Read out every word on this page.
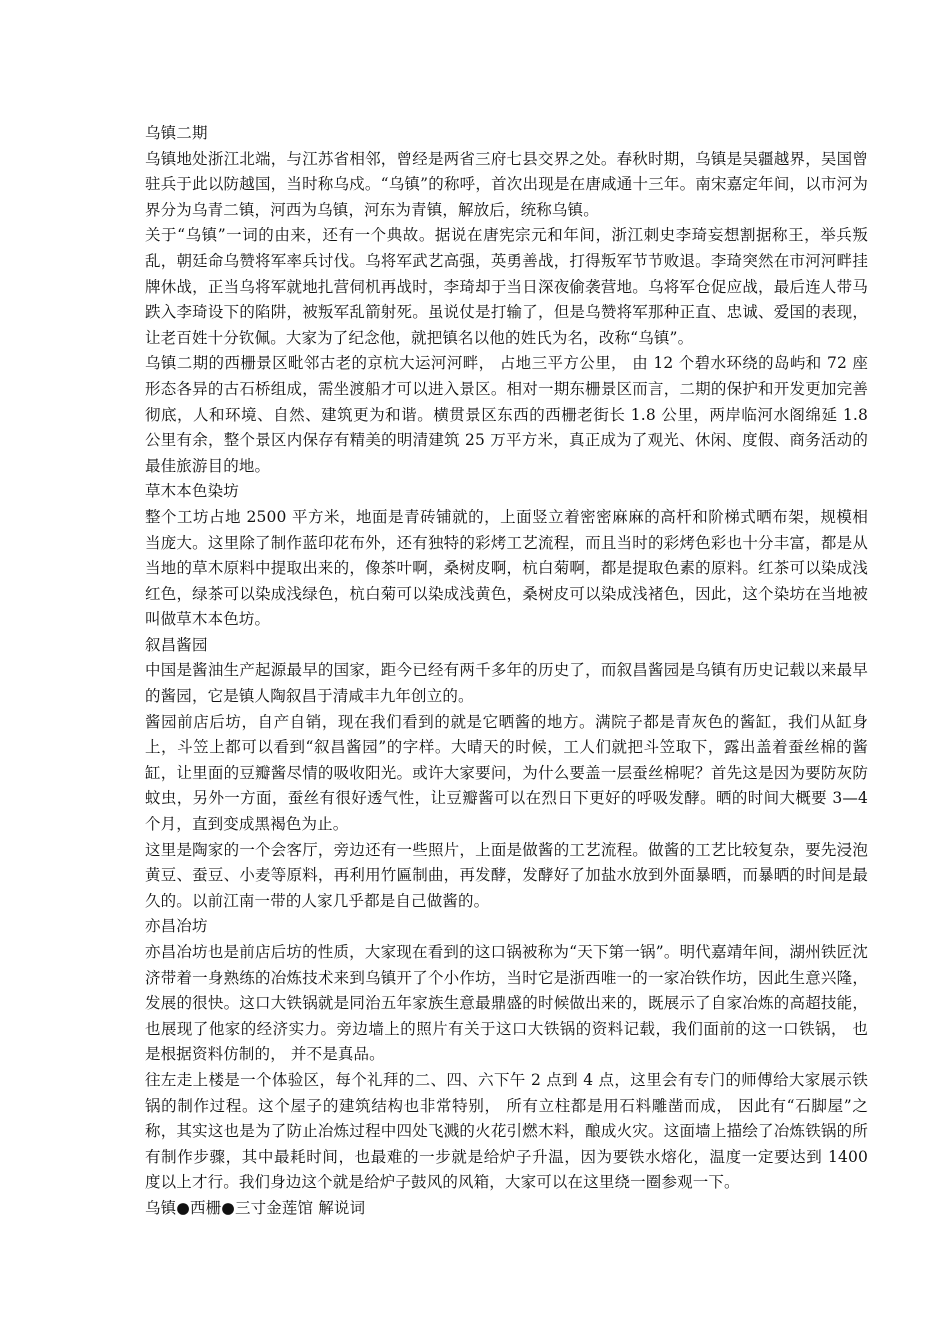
乌镇二期

乌镇地处浙江北端，与江苏省相邻，曾经是两省三府七县交界之处。春秋时期，乌镇是吴疆越界，吴国曾驻兵于此以防越国，当时称乌戍。“乌镇”的称呼，首次出现是在唐咸通十三年。南宋嘉定年间，以市河为界分为乌青二镇，河西为乌镇，河东为青镇，解放后，统称乌镇。

关于“乌镇”一词的由来，还有一个典故。据说在唐宪宗元和年间，浙江刺史李琦妄想割据称王，举兵叛乱，朝廷命乌赞将军率兵讨伐。乌将军武艺高强，英勇善战，打得叛军节节败退。李琦突然在市河河畔挂牌休战，正当乌将军就地扎营伺机再战时，李琦却于当日深夜偷袭营地。乌将军仓促应战，最后连人带马跌入李琦设下的陷阱，被叛军乱箭射死。虽说仗是打输了，但是乌赞将军那种正直、忠诚、爱国的表现，让老百姓十分钦佩。大家为了纪念他，就把镇名以他的姓氏为名，改称“乌镇”。

乌镇二期的西栅景区毗邻古老的京杭大运河河畔， 占地三平方公里， 由 12 个碧水环绕的岛屿和 72 座形态各异的古石桥组成，需坐渡船才可以进入景区。相对一期东栅景区而言，二期的保护和开发更加完善彻底，人和环境、自然、建筑更为和谐。横贯景区东西的西栅老街长 1.8 公里，两岸临河水阁绵延 1.8 公里有余，整个景区内保存有精美的明清建筑 25 万平方米，真正成为了观光、休闲、度假、商务活动的最佳旅游目的地。

草木本色染坊

整个工坊占地 2500 平方米，地面是青砖铺就的，上面竖立着密密麻麻的高杆和阶梯式晒布架，规模相当庞大。这里除了制作蓝印花布外，还有独特的彩烤工艺流程，而且当时的彩烤色彩也十分丰富，都是从当地的草木原料中提取出来的，像茶叶啊，桑树皮啊，杭白菊啊，都是提取色素的原料。红茶可以染成浅红色，绿茶可以染成浅绿色，杭白菊可以染成浅黄色，桑树皮可以染成浅褚色，因此，这个染坊在当地被叫做草木本色坊。

叙昌酱园

中国是酱油生产起源最早的国家，距今已经有两千多年的历史了，而叙昌酱园是乌镇有历史记载以来最早的酱园，它是镇人陶叙昌于清咸丰九年创立的。

酱园前店后坊，自产自销，现在我们看到的就是它晒酱的地方。满院子都是青灰色的酱缸，我们从缸身上，斗笠上都可以看到“叙昌酱园”的字样。大晴天的时候，工人们就把斗笠取下，露出盖着蚕丝棉的酱缸，让里面的豆瓣酱尽情的吸收阳光。或许大家要问，为什么要盖一层蚕丝棉呢？首先这是因为要防灰防蚊虫，另外一方面，蚕丝有很好透气性，让豆瓣酱可以在烈日下更好的呼吸发酵。晒的时间大概要 3—4 个月，直到变成黑褐色为止。

这里是陶家的一个会客厅，旁边还有一些照片，上面是做酱的工艺流程。做酱的工艺比较复杂，要先浸泡黄豆、蚕豆、小麦等原料，再利用竹匾制曲，再发酵，发酵好了加盐水放到外面暴晒，而暴晒的时间是最久的。以前江南一带的人家几乎都是自己做酱的。

亦昌冶坊

亦昌冶坊也是前店后坊的性质，大家现在看到的这口锅被称为“天下第一锅”。明代嘉靖年间，湖州铁匠沈济带着一身熟练的冶炼技术来到乌镇开了个小作坊，当时它是浙西唯一的一家冶铁作坊，因此生意兴隆，发展的很快。这口大铁锅就是同治五年家族生意最鼎盛的时候做出来的，既展示了自家冶炼的高超技能，也展现了他家的经济实力。旁边墙上的照片有关于这口大铁锅的资料记载，我们面前的这一口铁锅， 也是根据资料仿制的， 并不是真品。

往左走上楼是一个体验区，每个礼拜的二、四、六下午 2 点到 4 点，这里会有专门的师傅给大家展示铁锅的制作过程。这个屋子的建筑结构也非常特别， 所有立柱都是用石料雕凿而成， 因此有“石脚屋”之称，其实这也是为了防止冶炼过程中四处飞溅的火花引燃木料，酿成火灾。这面墙上描绘了冶炼铁锅的所有制作步骤，其中最耗时间，也最难的一步就是给炉子升温，因为要铁水熔化，温度一定要达到 1400 度以上才行。我们身边这个就是给炉子鼓风的风箱，大家可以在这里绕一圈参观一下。

乌镇●西栅●三寸金莲馆 解说词
